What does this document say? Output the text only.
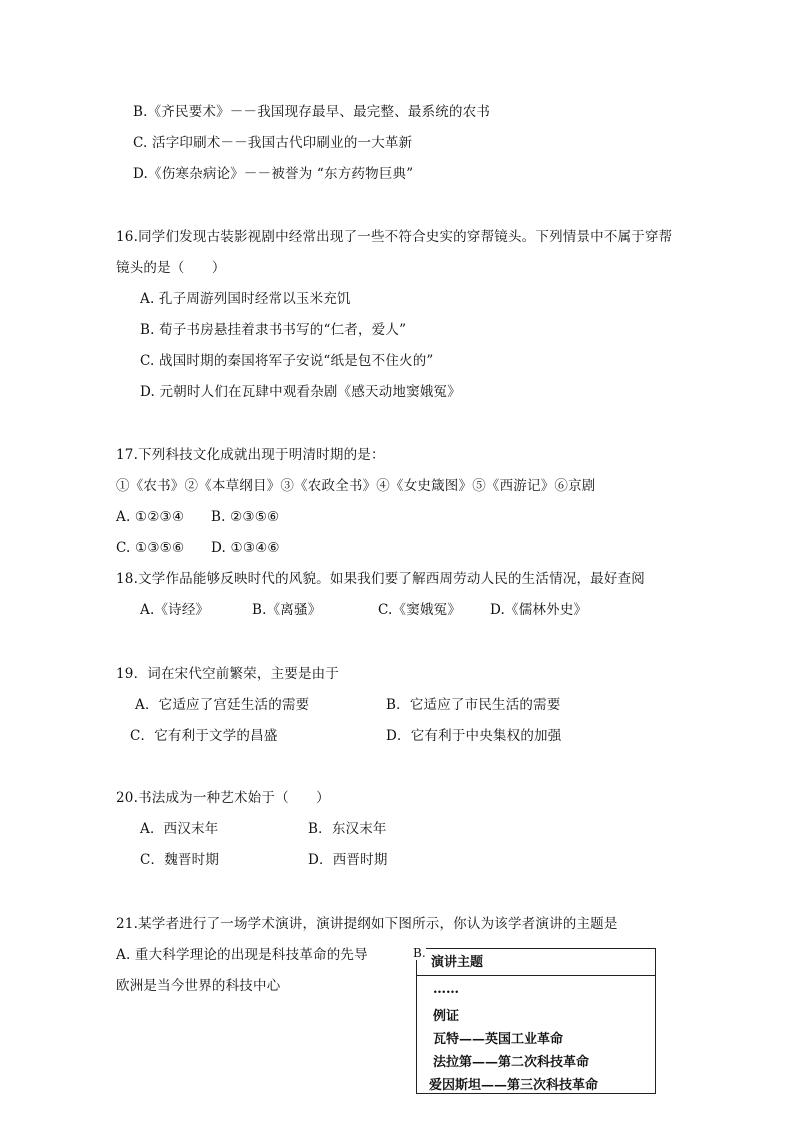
B.《齐民要术》－－我国现存最早、最完整、最系统的农书
C. 活字印刷术－－我国古代印刷业的一大革新
D.《伤寒杂病论》－－被誉为 “东方药物巨典”
16.同学们发现古装影视剧中经常出现了一些不符合史实的穿帮镜头。下列情景中不属于穿帮
镜头的是（　　）
A. 孔子周游列国时经常以玉米充饥
B. 荀子书房悬挂着隶书书写的“仁者，爱人”
C. 战国时期的秦国将军子安说“纸是包不住火的”
D. 元朝时人们在瓦肆中观看杂剧《感天动地窦娥冤》
17.下列科技文化成就出现于明清时期的是：
①《农书》②《本草纲目》③《农政全书》④《女史箴图》⑤《西游记》⑥京剧
A. ①②③④ B. ②③⑤⑥
C. ①③⑤⑥ D. ①③④⑥
18.文学作品能够反映时代的风貌。如果我们要了解西周劳动人民的生活情况，最好查阅
A.《诗经》	B.《离骚》	C.《窦娥冤》 D.《儒林外史》
19．词在宋代空前繁荣，主要是由于
A．它适应了宫廷生活的需要	B．它适应了市民生活的需要
C．它有利于文学的昌盛	D．它有利于中央集权的加强
20.书法成为一种艺术始于（　　）
A．西汉末年	B．东汉末年
C．魏晋时期	D．西晋时期
21.某学者进行了一场学术演讲，演讲提纲如下图所示，你认为该学者演讲的主题是
A. 重大科学理论的出现是科技革命的先导
欧洲是当今世界的科技中心
演讲主题
……
例证
瓦特——英国工业革命
法拉第——第二次科技革命
爱因斯坦——第三次科技革命
B.
